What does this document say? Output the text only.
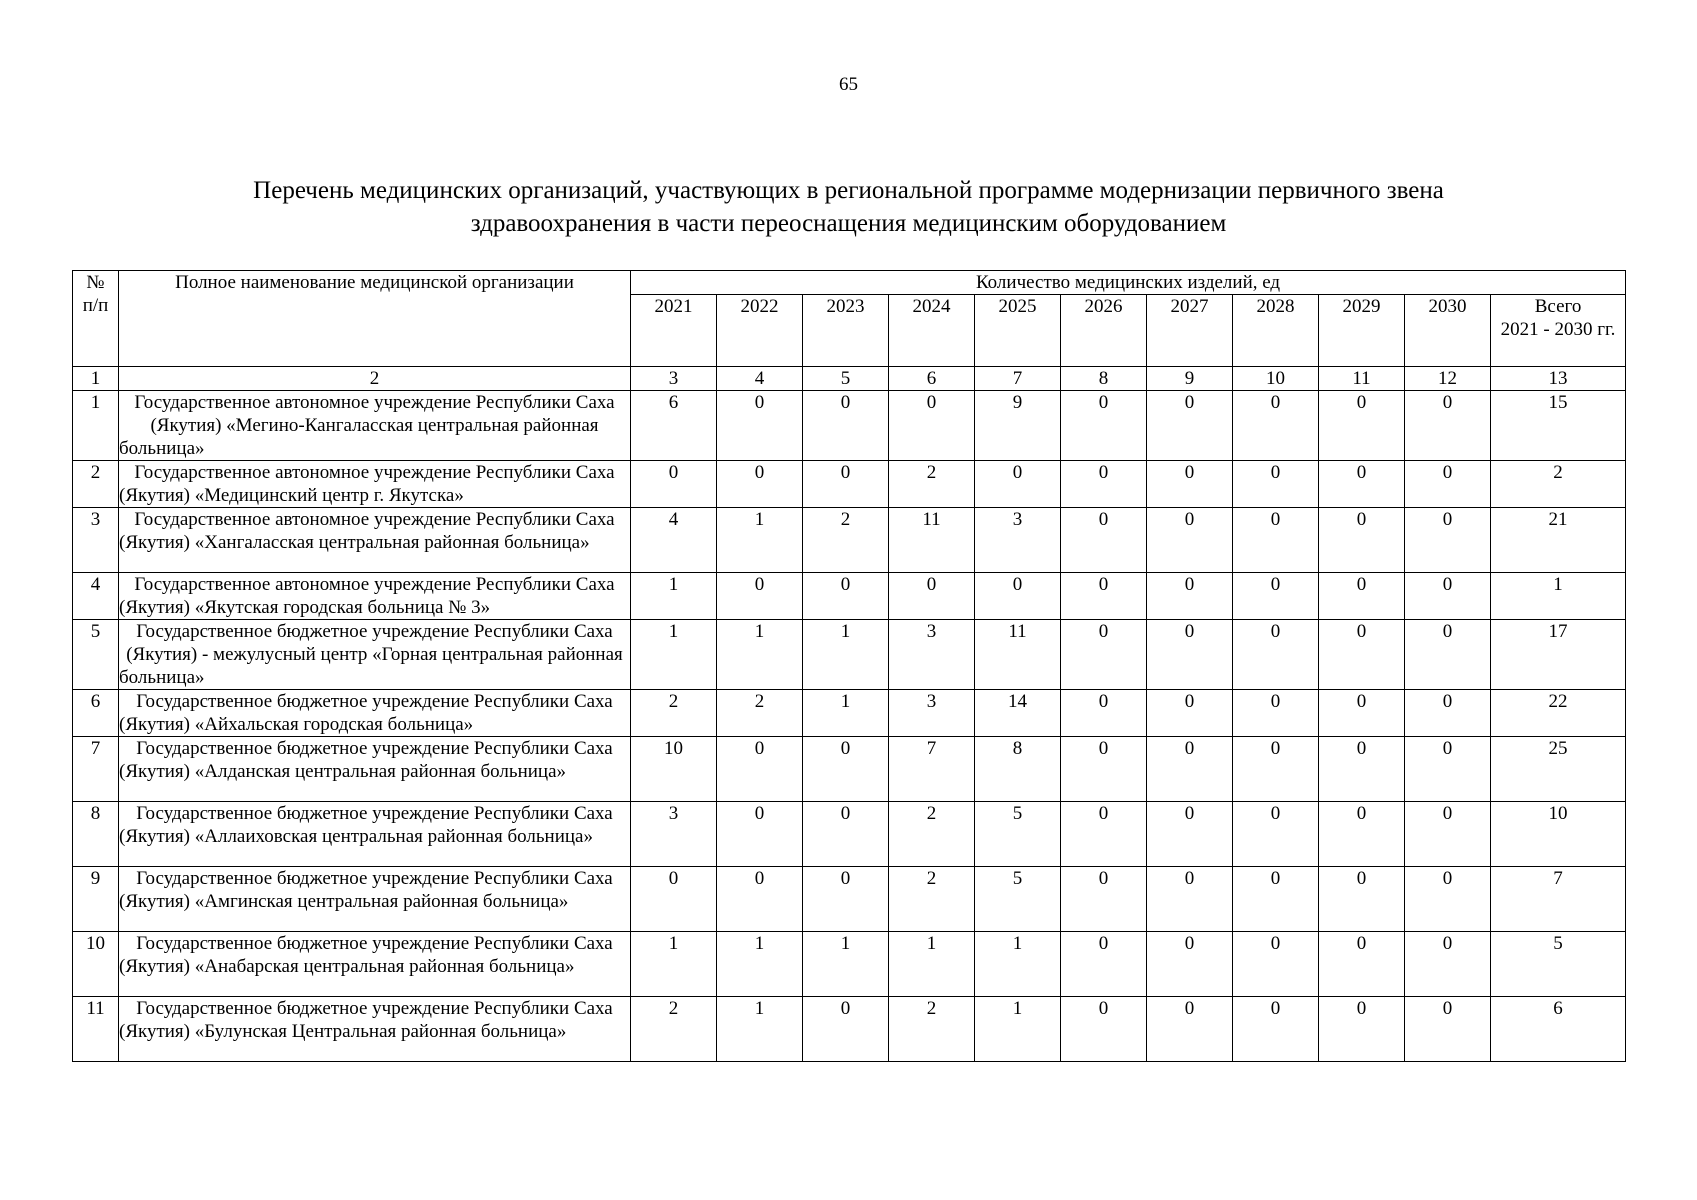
65
Перечень медицинских организаций, участвующих в региональной программе модернизации первичного звена
здравоохранения в части переоснащения медицинским оборудованием
№
п/п	Полное наименование медицинской организации	Количество медицинских изделий, ед										
		2021	2022	2023	2024	2025	2026	2027	2028	2029	2030	Всего
2021 - 2030 гг.

1	2	3	4	5	6	7	8	9	10	11	12	13
1	Государственное автономное учреждение Республики Саха (Якутия) «Мегино-Кангаласская центральная районная больница»	6	0	0	0	9	0	0	0	0	0	15
2	Государственное автономное учреждение Республики Саха (Якутия) «Медицинский центр г. Якутска»	0	0	0	2	0	0	0	0	0	0	2
3	Государственное автономное учреждение Республики Саха (Якутия) «Хангаласская центральная районная больница»	4	1	2	11	3	0	0	0	0	0	21
4	Государственное автономное учреждение Республики Саха (Якутия) «Якутская городская больница № 3»	1	0	0	0	0	0	0	0	0	0	1
5	Государственное бюджетное учреждение Республики Саха (Якутия) - межулусный центр «Горная центральная районная больница»	1	1	1	3	11	0	0	0	0	0	17
6	Государственное бюджетное учреждение Республики Саха (Якутия) «Айхальская городская больница»	2	2	1	3	14	0	0	0	0	0	22
7	Государственное бюджетное учреждение Республики Саха (Якутия) «Алданская центральная районная больница»	10	0	0	7	8	0	0	0	0	0	25
8	Государственное бюджетное учреждение Республики Саха (Якутия) «Аллаиховская центральная районная больница»	3	0	0	2	5	0	0	0	0	0	10
9	Государственное бюджетное учреждение Республики Саха (Якутия) «Амгинская центральная районная больница»	0	0	0	2	5	0	0	0	0	0	7
10	Государственное бюджетное учреждение Республики Саха (Якутия) «Анабарская центральная районная больница»	1	1	1	1	1	0	0	0	0	0	5
11	Государственное бюджетное учреждение Республики Саха (Якутия) «Булунская Центральная районная больница»	2	1	0	2	1	0	0	0	0	0	6
